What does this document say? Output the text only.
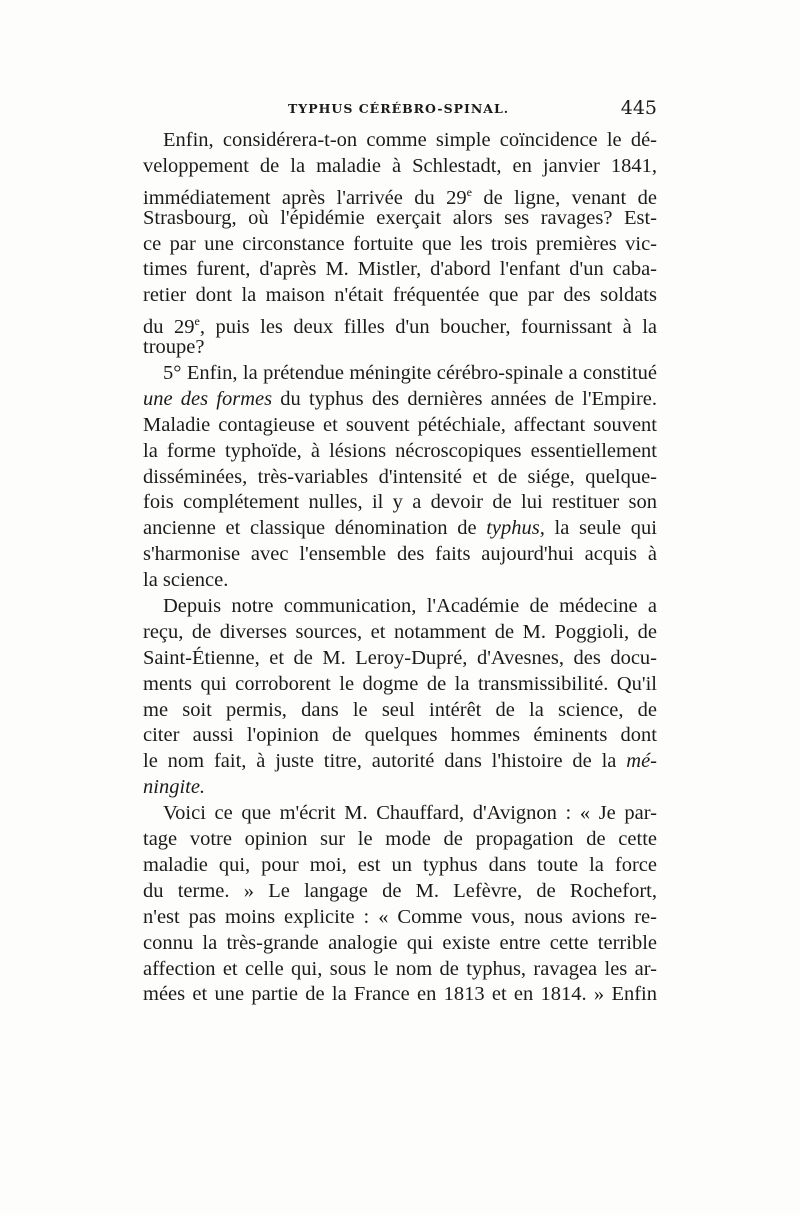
TYPHUS CÉRÉBRO-SPINAL.	445
Enfin, considérera-t-on comme simple coïncidence le dé-
veloppement de la maladie à Schlestadt, en janvier 1841,
immédiatement après l'arrivée du 29e de ligne, venant de
Strasbourg, où l'épidémie exerçait alors ses ravages? Est-
ce par une circonstance fortuite que les trois premières vic-
times furent, d'après M. Mistler, d'abord l'enfant d'un caba-
retier dont la maison n'était fréquentée que par des soldats
du 29e, puis les deux filles d'un boucher, fournissant à la
troupe?
5° Enfin, la prétendue méningite cérébro-spinale a constitué
une des formes du typhus des dernières années de l'Empire.
Maladie contagieuse et souvent pétéchiale, affectant souvent
la forme typhoïde, à lésions nécroscopiques essentiellement
disséminées, très-variables d'intensité et de siége, quelque-
fois complétement nulles, il y a devoir de lui restituer son
ancienne et classique dénomination de typhus, la seule qui
s'harmonise avec l'ensemble des faits aujourd'hui acquis à
la science.
Depuis notre communication, l'Académie de médecine a
reçu, de diverses sources, et notamment de M. Poggioli, de
Saint-Étienne, et de M. Leroy-Dupré, d'Avesnes, des docu-
ments qui corroborent le dogme de la transmissibilité. Qu'il
me soit permis, dans le seul intérêt de la science, de
citer aussi l'opinion de quelques hommes éminents dont
le nom fait, à juste titre, autorité dans l'histoire de la mé-
ningite.
Voici ce que m'écrit M. Chauffard, d'Avignon : « Je par-
tage votre opinion sur le mode de propagation de cette
maladie qui, pour moi, est un typhus dans toute la force
du terme. » Le langage de M. Lefèvre, de Rochefort,
n'est pas moins explicite : « Comme vous, nous avions re-
connu la très-grande analogie qui existe entre cette terrible
affection et celle qui, sous le nom de typhus, ravagea les ar-
mées et une partie de la France en 1813 et en 1814. » Enfin
